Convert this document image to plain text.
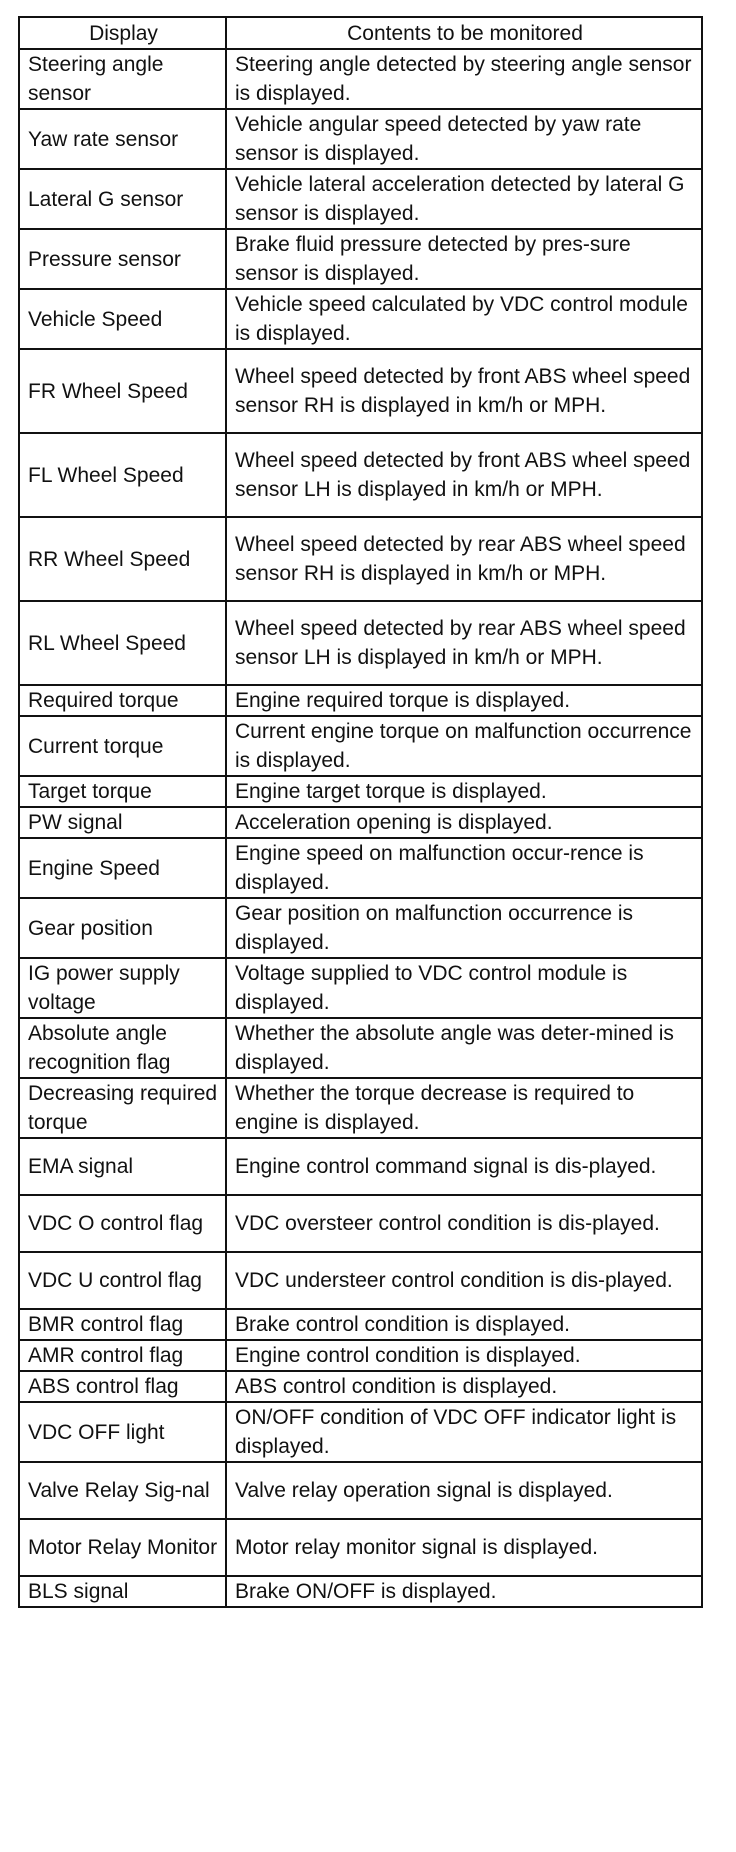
Display	Contents to be monitored
Steering angle sensor	Steering angle detected by steering angle sensor is displayed.
Yaw rate sensor	Vehicle angular speed detected by yaw rate sensor is displayed.
Lateral G sensor	Vehicle lateral acceleration detected by lateral G sensor is displayed.
Pressure sensor	Brake fluid pressure detected by pres-sure sensor is displayed.
Vehicle Speed	Vehicle speed calculated by VDC control module is displayed.
FR Wheel Speed	Wheel speed detected by front ABS wheel speed sensor RH is displayed in km/h or MPH.
FL Wheel Speed	Wheel speed detected by front ABS wheel speed sensor LH is displayed in km/h or MPH.
RR Wheel Speed	Wheel speed detected by rear ABS wheel speed sensor RH is displayed in km/h or MPH.
RL Wheel Speed	Wheel speed detected by rear ABS wheel speed sensor LH is displayed in km/h or MPH.
Required torque	Engine required torque is displayed.
Current torque	Current engine torque on malfunction occurrence is displayed.
Target torque	Engine target torque is displayed.
PW signal	Acceleration opening is displayed.
Engine Speed	Engine speed on malfunction occur-rence is displayed.
Gear position	Gear position on malfunction occurrence is displayed.
IG power supply voltage	Voltage supplied to VDC control module is displayed.
Absolute angle recognition flag	Whether the absolute angle was deter-mined is displayed.
Decreasing required torque	Whether the torque decrease is required to engine is displayed.
EMA signal	Engine control command signal is dis-played.
VDC O control flag	VDC oversteer control condition is dis-played.
VDC U control flag	VDC understeer control condition is dis-played.
BMR control flag	Brake control condition is displayed.
AMR control flag	Engine control condition is displayed.
ABS control flag	ABS control condition is displayed.
VDC OFF light	ON/OFF condition of VDC OFF indicator light is displayed.
Valve Relay Sig-nal	Valve relay operation signal is displayed.
Motor Relay Monitor	Motor relay monitor signal is displayed.
BLS signal	Brake ON/OFF is displayed.
